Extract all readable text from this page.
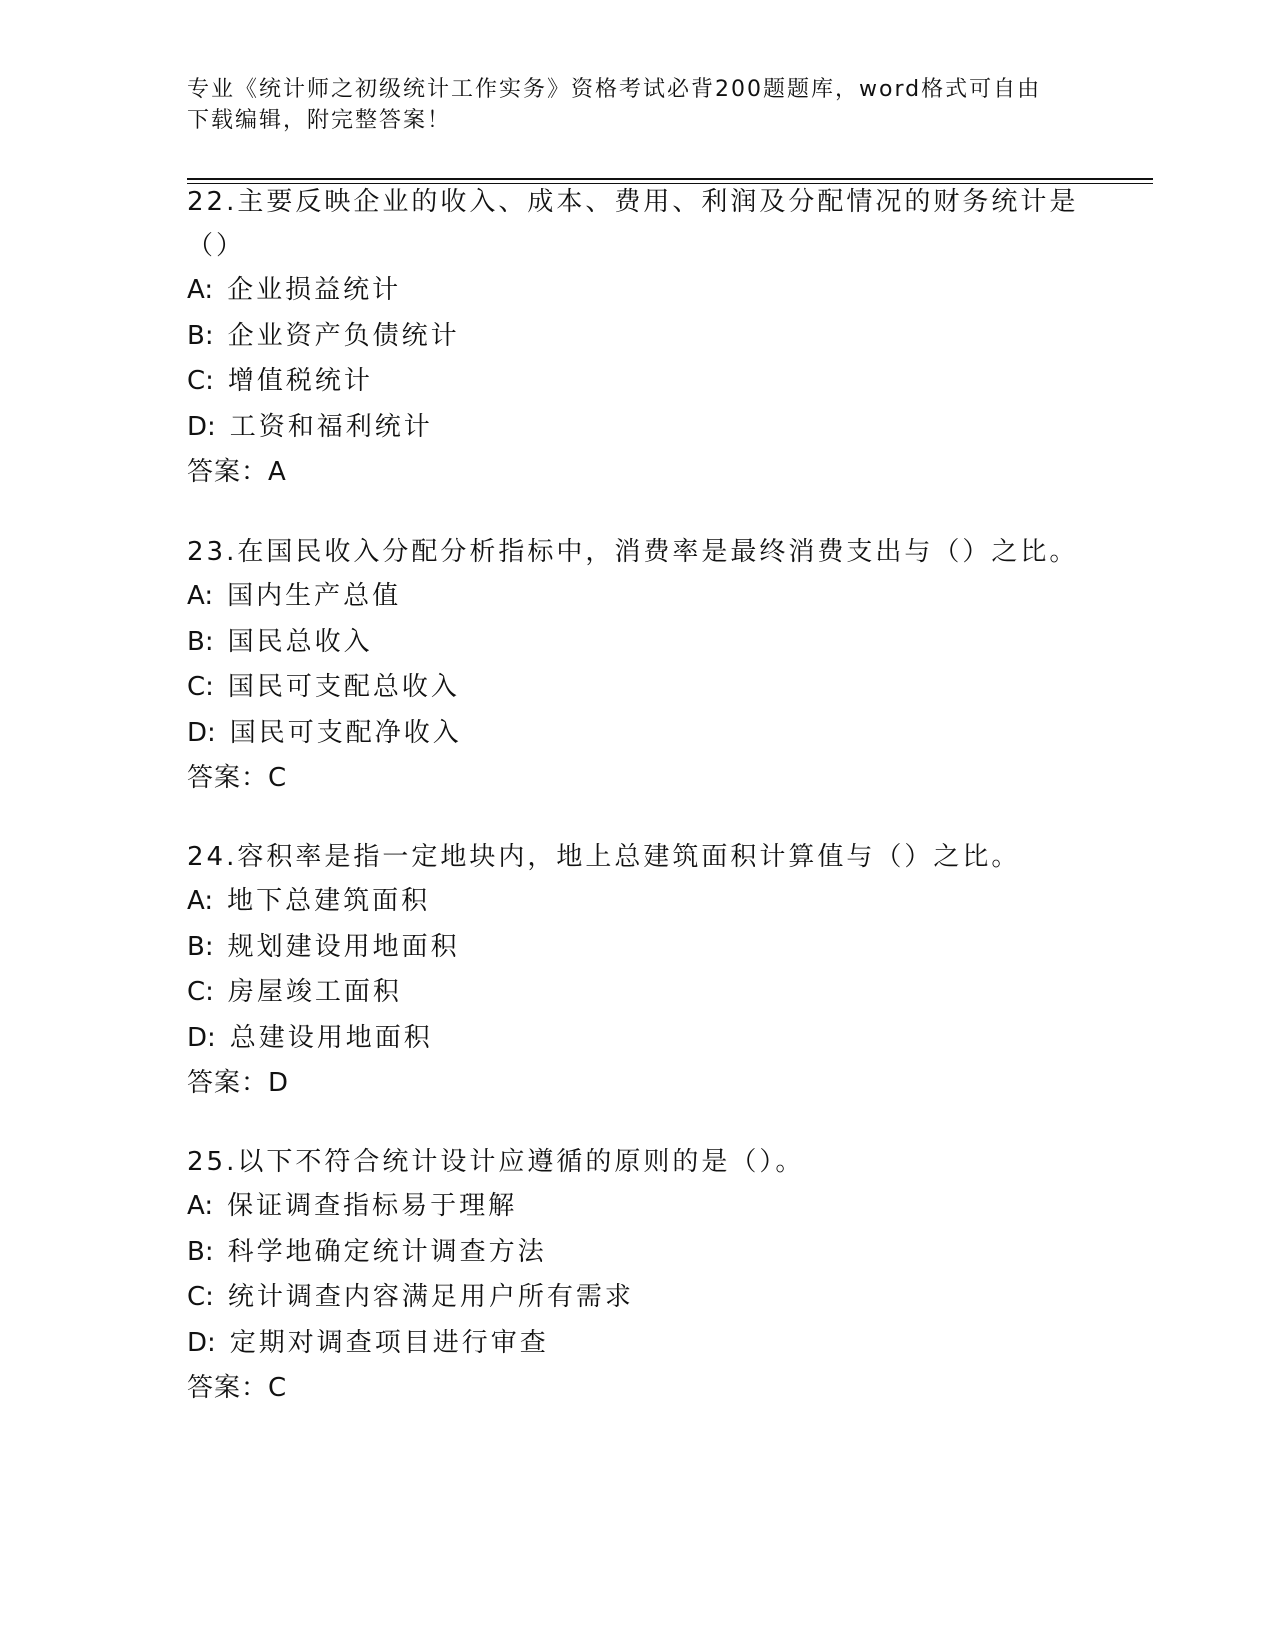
专业《统计师之初级统计工作实务》资格考试必背200题题库，word格式可自由
下载编辑，附完整答案！

22.主要反映企业的收入、成本、费用、利润及分配情况的财务统计是

（）

A: 企业损益统计

B: 企业资产负债统计

C: 增值税统计

D: 工资和福利统计

答案：A

23.在国民收入分配分析指标中，消费率是最终消费支出与（）之比。

A: 国内生产总值

B: 国民总收入

C: 国民可支配总收入

D: 国民可支配净收入

答案：C

24.容积率是指一定地块内，地上总建筑面积计算值与（）之比。

A: 地下总建筑面积

B: 规划建设用地面积

C: 房屋竣工面积

D: 总建设用地面积

答案：D

25.以下不符合统计设计应遵循的原则的是（）。

A: 保证调查指标易于理解

B: 科学地确定统计调查方法

C: 统计调查内容满足用户所有需求

D: 定期对调查项目进行审查

答案：C
